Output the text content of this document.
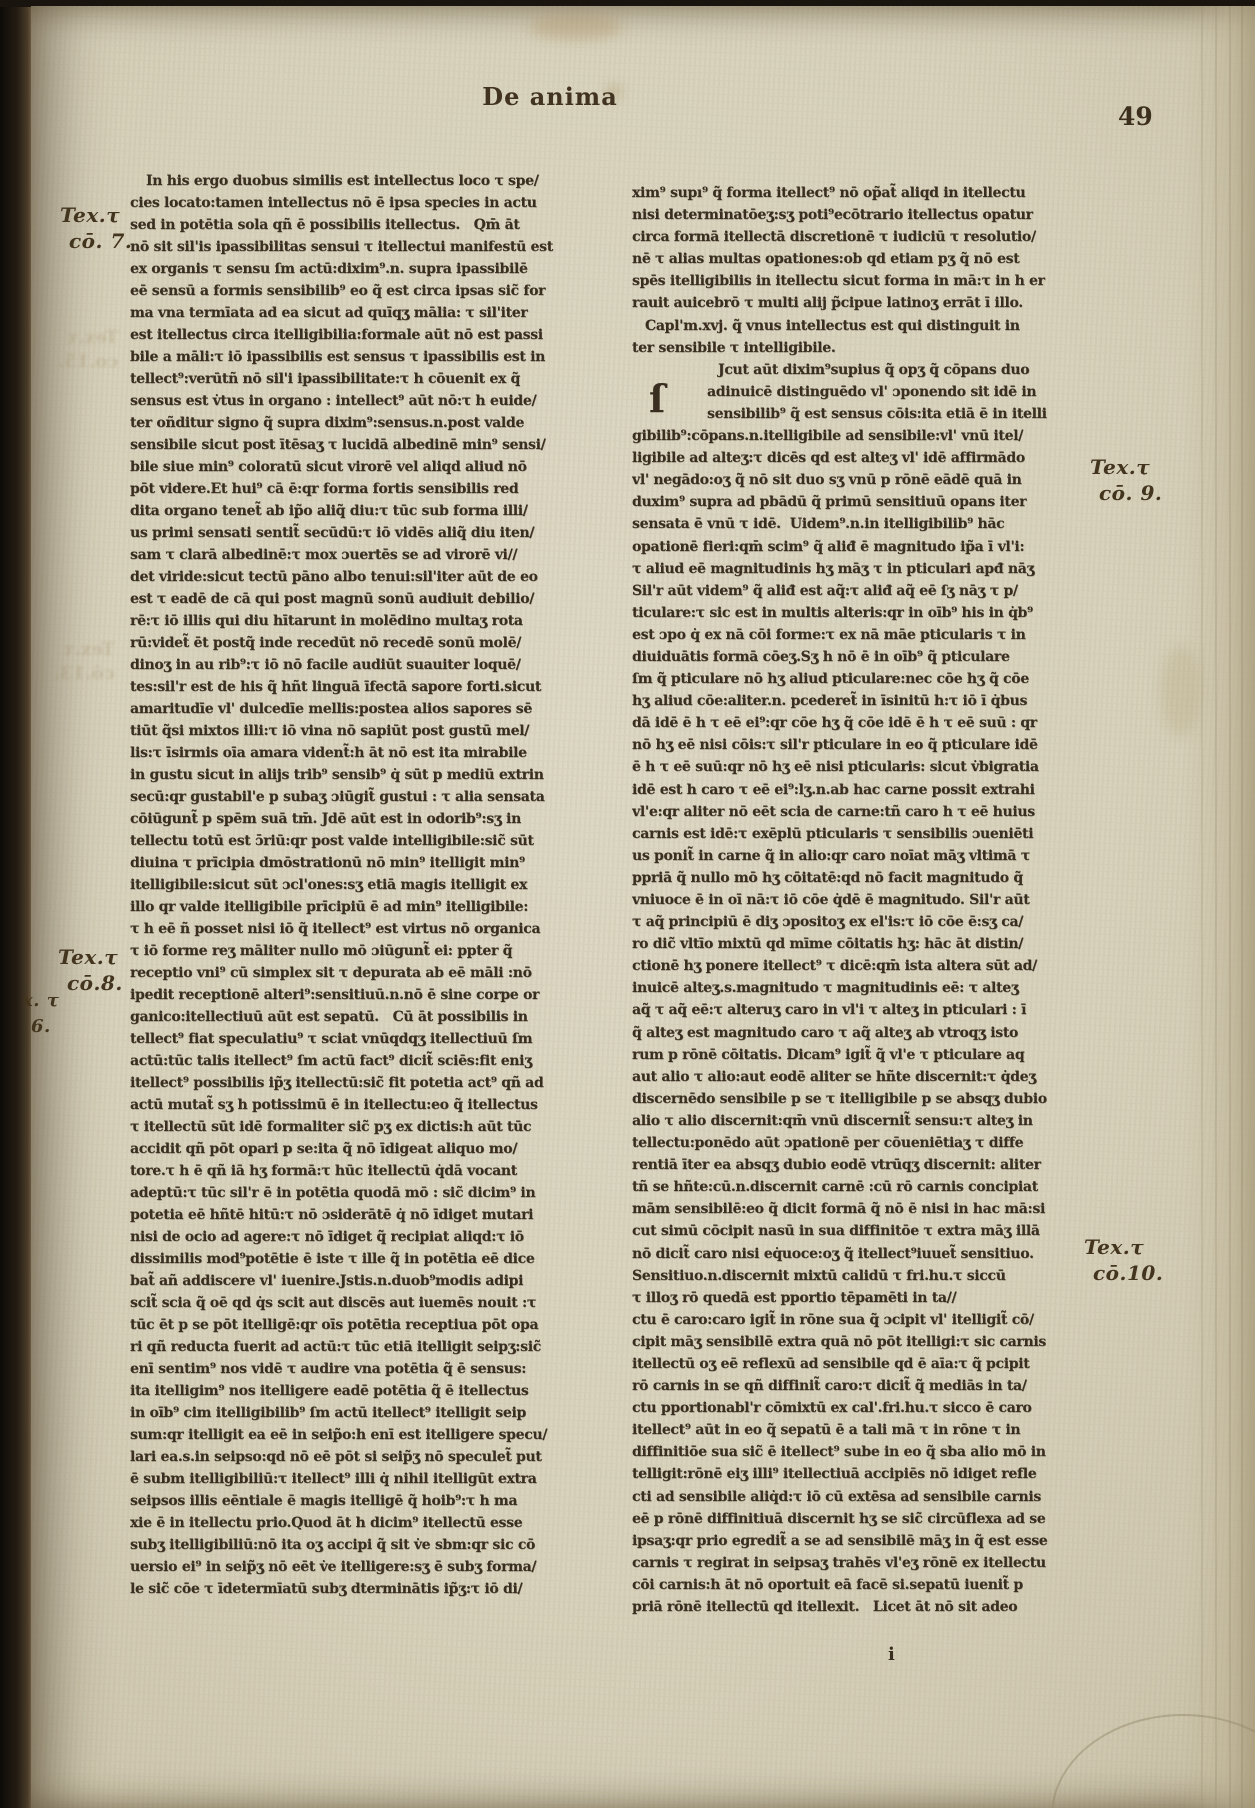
De anima
49
In his ergo duobus similis est intellectus loco τ spe/
cies locato:tamen intellectus nō ē ipsa species in actu
sed in potētia sola qñ ē possibilis itellectus.   Qm̄ āt
nō sit sil'is ipassibilitas sensui τ itellectui manifestū est
ex organis τ sensu ſm actū:dixim⁹.n. supra ipassibilē
eē sensū a formis sensibilib⁹ eo q̃ est circa ipsas sic̃ for
ma vna termīata ad ea sicut ad quīqʒ mālia: τ sil'iter
est itellectus circa itelligibilia:formale aūt nō est passi
bile a māli:τ iō ipassibilis est sensus τ ipassibilis est in
tellect⁹:verūtñ nō sil'i ipassibilitate:τ h cōuenit ex q̃
sensus est v̇tus in organo : intellect⁹ aūt nō:τ h euide/
ter oñditur signo q̃ supra dixim⁹:sensus.n.post valde
sensibile sicut post ītēsaʒ τ lucidā albedinē min⁹ sensi/
bile siue min⁹ coloratū sicut virorē vel aliqd aliud nō
pōt videre.Et hui⁹ cā ē:qr forma fortis sensibilis red
dita organo tenet̃ ab ip̃o aliq̃ diu:τ tūc sub forma illi/
us primi sensati sentit̃ secūdū:τ iō vidēs aliq̃ diu iten/
sam τ clarā albedinē:τ mox ɔuertēs se ad virorē vi//
det viride:sicut tectū pāno albo tenui:sil'iter aūt de eo
est τ eadē de cā qui post magnū sonū audiuit debilio/
rē:τ iō illis qui diu hītarunt in molēdino multaʒ rota
rū:videt̃ ēt postq̃ inde recedūt nō recedē sonū molē/
dinoʒ in au rib⁹:τ iō nō facile audiūt suauiter loquē/
tes:sil'r est de his q̃ hñt linguā īfectā sapore forti.sicut
amaritudīe vl' dulcedīe mellis:postea alios sapores sē
tiūt q̃si mixtos illi:τ iō vina nō sapiūt post gustū mel/
lis:τ īsirmis oīa amara vident̃:h āt nō est ita mirabile
in gustu sicut in alijs trib⁹ sensib⁹ q̇ sūt p mediū extrin
secū:qr gustabil'e p subaʒ ɔiūgit̃ gustui : τ alia sensata
cōiūgunt̃ p spēm suā tm̄. Jdē aūt est in odorib⁹:sʒ in
tellectu totū est ɔ̄riū:qr post valde intelligibile:sic̃ sūt
diuina τ prīcipia dmōstrationū nō min⁹ itelligit min⁹
itelligibile:sicut sūt ɔcl'ones:sʒ etiā magis itelligit ex
illo qr valde itelligibile prīcipiū ē ad min⁹ itelligibile:
τ h eē ñ posset nisi iō q̃ itellect⁹ est virtus nō organica
τ iō forme reʒ māliter nullo mō ɔiūgunt̃ ei: ppter q̃
receptio vni⁹ cū simplex sit τ depurata ab eē māli :nō
ipedit receptionē alteri⁹:sensitiuū.n.nō ē sine corpe or
ganico:itellectiuū aūt est sepatū.   Cū āt possibilis in
tellect⁹ fiat speculatiu⁹ τ sciat vnūqdqʒ itellectiuū ſm
actū:tūc talis itellect⁹ ſm actū fact⁹ dicit̃ sciēs:fit eniʒ
itellect⁹ possibilis ip̃ʒ itellectū:sic̃ fit potetia act⁹ qñ ad
actū mutat̃ sʒ h potissimū ē in itellectu:eo q̃ itellectus
τ itellectū sūt idē formaliter sic̃ pʒ ex dictis:h aūt tūc
accidit qñ pōt opari p se:ita q̃ nō īdigeat aliquo mo/
tore.τ h ē qñ iā hʒ formā:τ hūc itellectū q̇dā vocant
adeptū:τ tūc sil'r ē in potētia quodā mō : sic̃ dicim⁹ in
potetia eē hñtē hitū:τ nō ɔsiderātē q̇ nō īdiget mutari
nisi de ocio ad agere:τ nō īdiget q̃ recipiat aliqd:τ iō
dissimilis mod⁹potētie ē iste τ ille q̃ in potētia eē dice
bat̃ añ addiscere vl' iuenire.Jstis.n.duob⁹modis adipi
scit̃ scia q̃ oē qd q̇s scit aut discēs aut iuemēs nouit :τ
tūc ēt p se pōt itelligē:qr oīs potētia receptiua pōt opa
ri qñ reducta fuerit ad actū:τ tūc etiā itelligit seipʒ:sic̃
enī sentim⁹ nos vidē τ audire vna potētia q̃ ē sensus:
ita itelligim⁹ nos itelligere eadē potētia q̃ ē itellectus
in oīb⁹ cim itelligibilib⁹ ſm actū itellect⁹ itelligit seip
sum:qr itelligit ea eē in seip̃o:h enī est itelligere specu/
lari ea.s.in seipso:qd nō eē pōt si seip̃ʒ nō speculet̃ put
ē subm itelligibiliū:τ itellect⁹ illi q̇ nihil itelligūt extra
seipsos illis eēntiale ē magis itelligē q̃ hoib⁹:τ h ma
xie ē in itellectu prio.Quod āt h dicim⁹ itellectū esse
subʒ itelligibiliū:nō ita oʒ accipi q̃ sit v̇e sbm:qr sic cō
uersio ei⁹ in seip̃ʒ nō eēt v̇e itelligere:sʒ ē subʒ forma/
le sic̃ cōe τ īdetermīatū subʒ dterminātis ip̃ʒ:τ iō di/
xim⁹ supı⁹ q̃ forma itellect⁹ nō op̃at̃ aliqd in itellectu
nisi determinatōeʒ:sʒ poti⁹ecōtrario itellectus opatur
circa formā itellectā discretionē τ iudiciū τ resolutio/
nē τ alias multas opationes:ob qd etiam pʒ q̃ nō est
spēs itelligibilis in itellectu sicut forma in mā:τ in h er
rauit auicebrō τ multi alij p̃cipue latinoʒ errāt ī illo.
Capl'm.xvj. q̃ vnus intellectus est qui distinguit in
ter sensibile τ intelligibile.
Jcut aūt dixim⁹supius q̃ opʒ q̃ cōpans duo
adinuicē distinguēdo vl' ɔponendo sit idē in
sensibilib⁹ q̃ est sensus cōis:ita etiā ē in itelli
gibilib⁹:cōpans.n.itelligibile ad sensibile:vl' vnū itel/
ligibile ad alteʒ:τ dicēs qd est alteʒ vl' idē affirmādo
vl' negādo:oʒ q̃ nō sit duo sʒ vnū p rōnē eādē quā in
duxim⁹ supra ad pbādū q̃ primū sensitiuū opans iter
sensata ē vnū τ idē.  Uidem⁹.n.in itelligibilib⁹ hāc
opationē fieri:qm̄ scim⁹ q̃ aliđ ē magnitudo ip̃a ī vl'i:
τ aliud eē magnitudinis hʒ māʒ τ in pticulari apđ nāʒ
Sil'r aūt videm⁹ q̃ aliđ est aq̃:τ aliđ aq̃ eē ſʒ nāʒ τ p/
ticulare:τ sic est in multis alteris:qr in oīb⁹ his in q̇b⁹
est ɔpo q̇ ex nā cōi forme:τ ex nā māe pticularis τ in
diuiduātis formā cōeʒ.Sʒ h nō ē in oīb⁹ q̃ pticulare
ſm q̃ pticulare nō hʒ aliud pticulare:nec cōe hʒ q̃ cōe
hʒ aliud cōe:aliter.n. pcederet̃ in īsinitū h:τ iō ī q̇bus
dā idē ē h τ eē ei⁹:qr cōe hʒ q̃ cōe idē ē h τ eē suū : qr
nō hʒ eē nisi cōis:τ sil'r pticulare in eo q̃ pticulare idē
ē h τ eē suū:qr nō hʒ eē nisi pticularis: sicut v̇bigratia
idē est h caro τ eē ei⁹:lʒ.n.ab hac carne possit extrahi
vl'e:qr aliter nō eēt scia de carne:tñ caro h τ eē huius
carnis est idē:τ exēplū pticularis τ sensibilis ɔueniēti
us ponit̃ in carne q̃ in alio:qr caro noīat māʒ vltimā τ
ppriā q̃ nullo mō hʒ cōitatē:qd nō facit magnitudo q̃
vniuoce ē in oī nā:τ iō cōe q̇dē ē magnitudo. Sil'r aūt
τ aq̃ principiū ē diʒ ɔpositoʒ ex el'is:τ iō cōe ē:sʒ ca/
ro dic̃ vltīo mixtū qd mīme cōitatis hʒ: hāc āt distin/
ctionē hʒ ponere itellect⁹ τ dicē:qm̄ ista altera sūt ad/
inuicē alteʒ.s.magnitudo τ magnitudinis eē: τ alteʒ
aq̃ τ aq̃ eē:τ alteruʒ caro in vl'i τ alteʒ in pticulari : ī
q̃ alteʒ est magnitudo caro τ aq̃ alteʒ ab vtroqʒ isto
rum p rōnē cōitatis. Dicam⁹ igit̃ q̃ vl'e τ pticulare aq
aut alio τ alio:aut eodē aliter se hñte discernit:τ q̇deʒ
discernēdo sensibile p se τ itelligibile p se absqʒ dubio
alio τ alio discernit:qm̄ vnū discernit̃ sensu:τ alteʒ in
tellectu:ponēdo aūt ɔpationē per cōueniētiaʒ τ diffe
rentiā īter ea absqʒ dubio eodē vtrūqʒ discernit: aliter
tñ se hñte:cū.n.discernit carnē :cū rō carnis concipiat
mām sensibilē:eo q̃ dicit formā q̃ nō ē nisi in hac mā:si
cut simū cōcipit nasū in sua diffinitōe τ extra māʒ illā
nō dicit̃ caro nisi eq̇uoce:oʒ q̃ itellect⁹iuuet̃ sensitiuo.
Sensitiuo.n.discernit mixtū calidū τ fri.hu.τ siccū
τ illoʒ rō quedā est pportio tēpamēti in ta//
ctu ē caro:caro igit̃ in rōne sua q̃ ɔcipit vl' itelligit̃ cō/
cipit māʒ sensibilē extra quā nō pōt itelligi:τ sic carnis
itellectū oʒ eē reflexū ad sensibile qd ē aīa:τ q̃ pcipit
rō carnis in se qñ diffinit̃ caro:τ dicit̃ q̃ mediās in ta/
ctu pportionabl'r cōmixtū ex cal'.fri.hu.τ sicco ē caro
itellect⁹ aūt in eo q̃ sepatū ē a tali mā τ in rōne τ in
diffinitiōe sua sic̃ ē itellect⁹ sube in eo q̃ sba alio mō in
telligit:rōnē eiʒ illi⁹ itellectiuā accipiēs nō idiget refle
cti ad sensibile aliq̇d:τ iō cū extēsa ad sensibile carnis
eē p rōnē diffinitiuā discernit hʒ se sic̃ circūflexa ad se
ipsaʒ:qr prio egredit̃ a se ad sensibilē māʒ in q̃ est esse
carnis τ regirat in seipsaʒ trahēs vl'eʒ rōnē ex itellectu
cōi carnis:h āt nō oportuit eā facē si.sepatū iuenit̃ p
priā rōnē itellectū qd itellexit.   Licet āt nō sit adeo
ſ
i
Tex.τ
cō. 7.
Tex.τ
cō.8.
x. τ
6.
Tex.τ
cō. 9.
Tex.τ
cō.10.
Tex.τ
co.15.
Tex.τ
cō.13.
